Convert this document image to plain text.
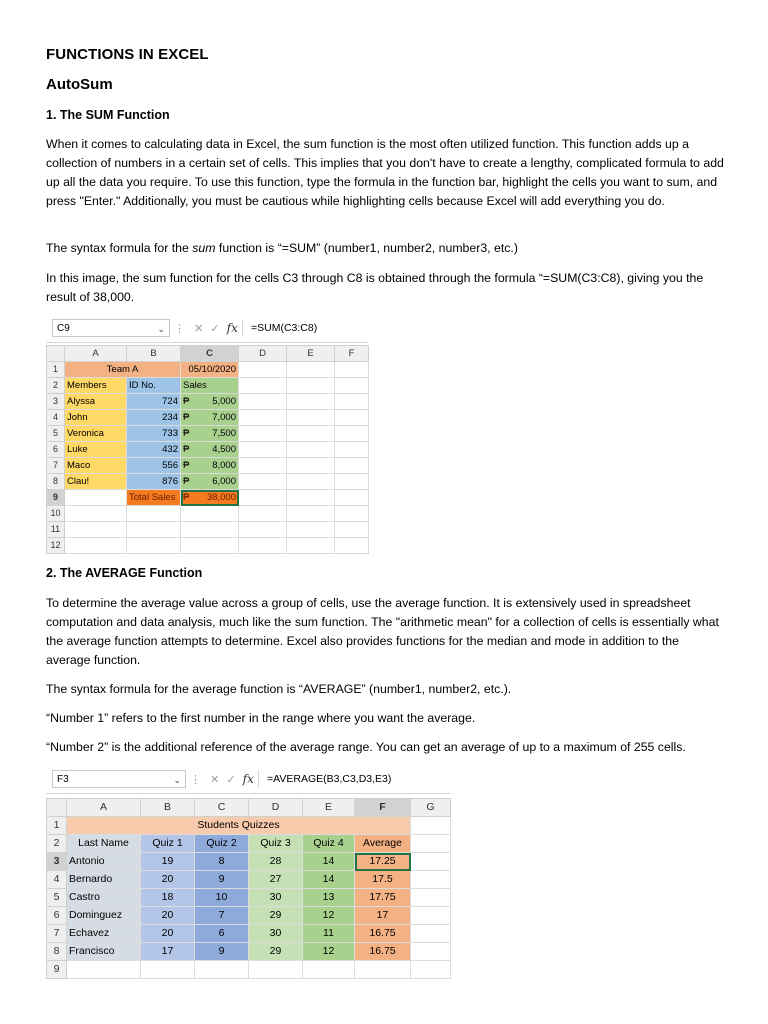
FUNCTIONS IN EXCEL
AutoSum
1. The SUM Function
When it comes to calculating data in Excel, the sum function is the most often utilized function. This function adds up a collection of numbers in a certain set of cells. This implies that you don't have to create a lengthy, complicated formula to add up all the data you require. To use this function, type the formula in the function bar, highlight the cells you want to sum, and press "Enter." Additionally, you must be cautious while highlighting cells because Excel will add everything you do.
The syntax formula for the sum function is “=SUM” (number1, number2, number3, etc.)
In this image, the sum function for the cells C3 through C8 is obtained through the formula “=SUM(C3:C8), giving you the result of 38,000.
C9	⌄ ⋮ ✕ ✓ fx	=SUM(C3:C8)
	A	B	C	D	E	F
1	Team A		05/10/2020			
2	Members	ID No.	Sales			
3	Alyssa	724	₱ 5,000			

4	John	234	₱ 7,000			

5	Veronica	733	₱ 7,500			

6	Luke	432	₱ 4,500			

7	Maco	556	₱ 8,000			

8	Clau!	876	₱ 6,000			

9		Total Sales	₱ 38,000			

10						
11						
12						
2. The AVERAGE Function
To determine the average value across a group of cells, use the average function. It is extensively used in spreadsheet computation and data analysis, much like the sum function. The "arithmetic mean" for a collection of cells is essentially what the average function attempts to determine. Excel also provides functions for the median and mode in addition to the average function.
The syntax formula for the average function is “AVERAGE” (number1, number2, etc.).
“Number 1” refers to the first number in the range where you want the average.
“Number 2” is the additional reference of the average range. You can get an average of up to a maximum of 255 cells.
F3	⌄ ⋮ ✕ ✓ fx	=AVERAGE(B3,C3,D3,E3)
	A	B	C	D	E	F	G
1	Students Quizzes						
2	Last Name	Quiz 1	Quiz 2	Quiz 3	Quiz 4	Average	
3	Antonio	19	8	28	14	17.25	
4	Bernardo	20	9	27	14	17.5	
5	Castro	18	10	30	13	17.75	
6	Dominguez	20	7	29	12	17	
7	Echavez	20	6	30	11	16.75	
8	Francisco	17	9	29	12	16.75	
9							
